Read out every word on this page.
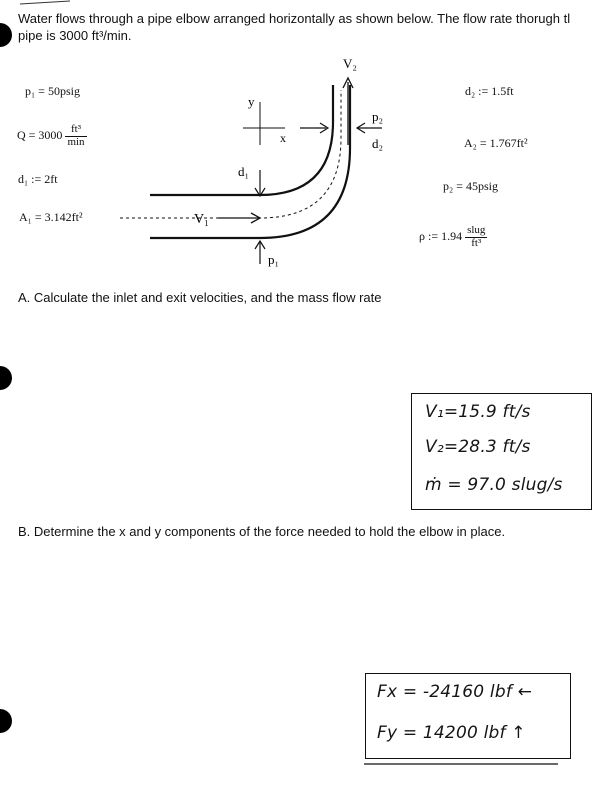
Water flows through a pipe elbow arranged horizontally as shown below. The flow rate thorugh tl
pipe is 3000 ft³/min.
p₁ = 50psig
$Q = 3000 \frac{\text{ft³}}{\min}$
d₁ := 2ft
A₁ = 3.142ft²
d₂ := 1.5ft
A₂ = 1.767ft²
p₂ = 45psig
ρ := $1.94 \frac{\text{slug}}{\text{ft³}}$
V₂
y
x
p₂
d₂
d₁
V₁
p₁
A. Calculate the inlet and exit velocities, and the mass flow rate
V₁=15.9 ft/s
V₂=28.3 ft/s
ṁ = 97.0 slug/s
B. Determine the x and y components of the force needed to hold the elbow in place.
Fx = -24160 lbf ←
Fy = 14200 lbf ↑
